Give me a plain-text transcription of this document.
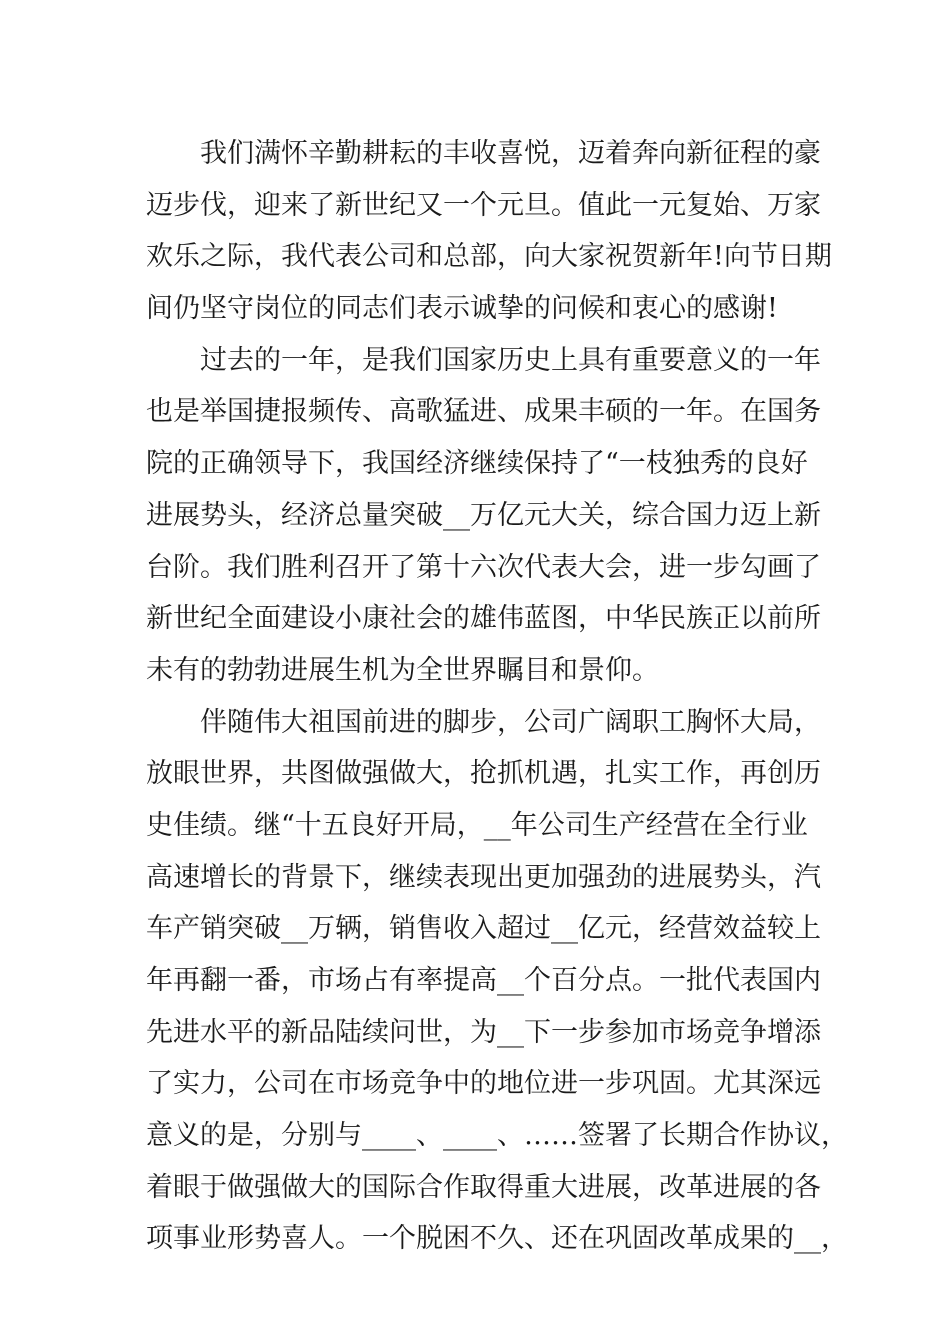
我们满怀辛勤耕耘的丰收喜悦，迈着奔向新征程的豪
迈步伐，迎来了新世纪又一个元旦。值此一元复始、万家
欢乐之际，我代表公司和总部，向大家祝贺新年!向节日期
间仍坚守岗位的同志们表示诚挚的问候和衷心的感谢!
过去的一年，是我们国家历史上具有重要意义的一年
也是举国捷报频传、高歌猛进、成果丰硕的一年。在国务
院的正确领导下，我国经济继续保持了“一枝独秀的良好
进展势头，经济总量突破__万亿元大关，综合国力迈上新
台阶。我们胜利召开了第十六次代表大会，进一步勾画了
新世纪全面建设小康社会的雄伟蓝图，中华民族正以前所
未有的勃勃进展生机为全世界瞩目和景仰。
伴随伟大祖国前进的脚步，公司广阔职工胸怀大局，
放眼世界，共图做强做大，抢抓机遇，扎实工作，再创历
史佳绩。继“十五良好开局，__年公司生产经营在全行业
高速增长的背景下，继续表现出更加强劲的进展势头，汽
车产销突破__万辆，销售收入超过__亿元，经营效益较上
年再翻一番，市场占有率提高__个百分点。一批代表国内
先进水平的新品陆续问世，为__下一步参加市场竞争增添
了实力，公司在市场竞争中的地位进一步巩固。尤其深远
意义的是，分别与____、____、……签署了长期合作协议，
着眼于做强做大的国际合作取得重大进展，改革进展的各
项事业形势喜人。一个脱困不久、还在巩固改革成果的__，
